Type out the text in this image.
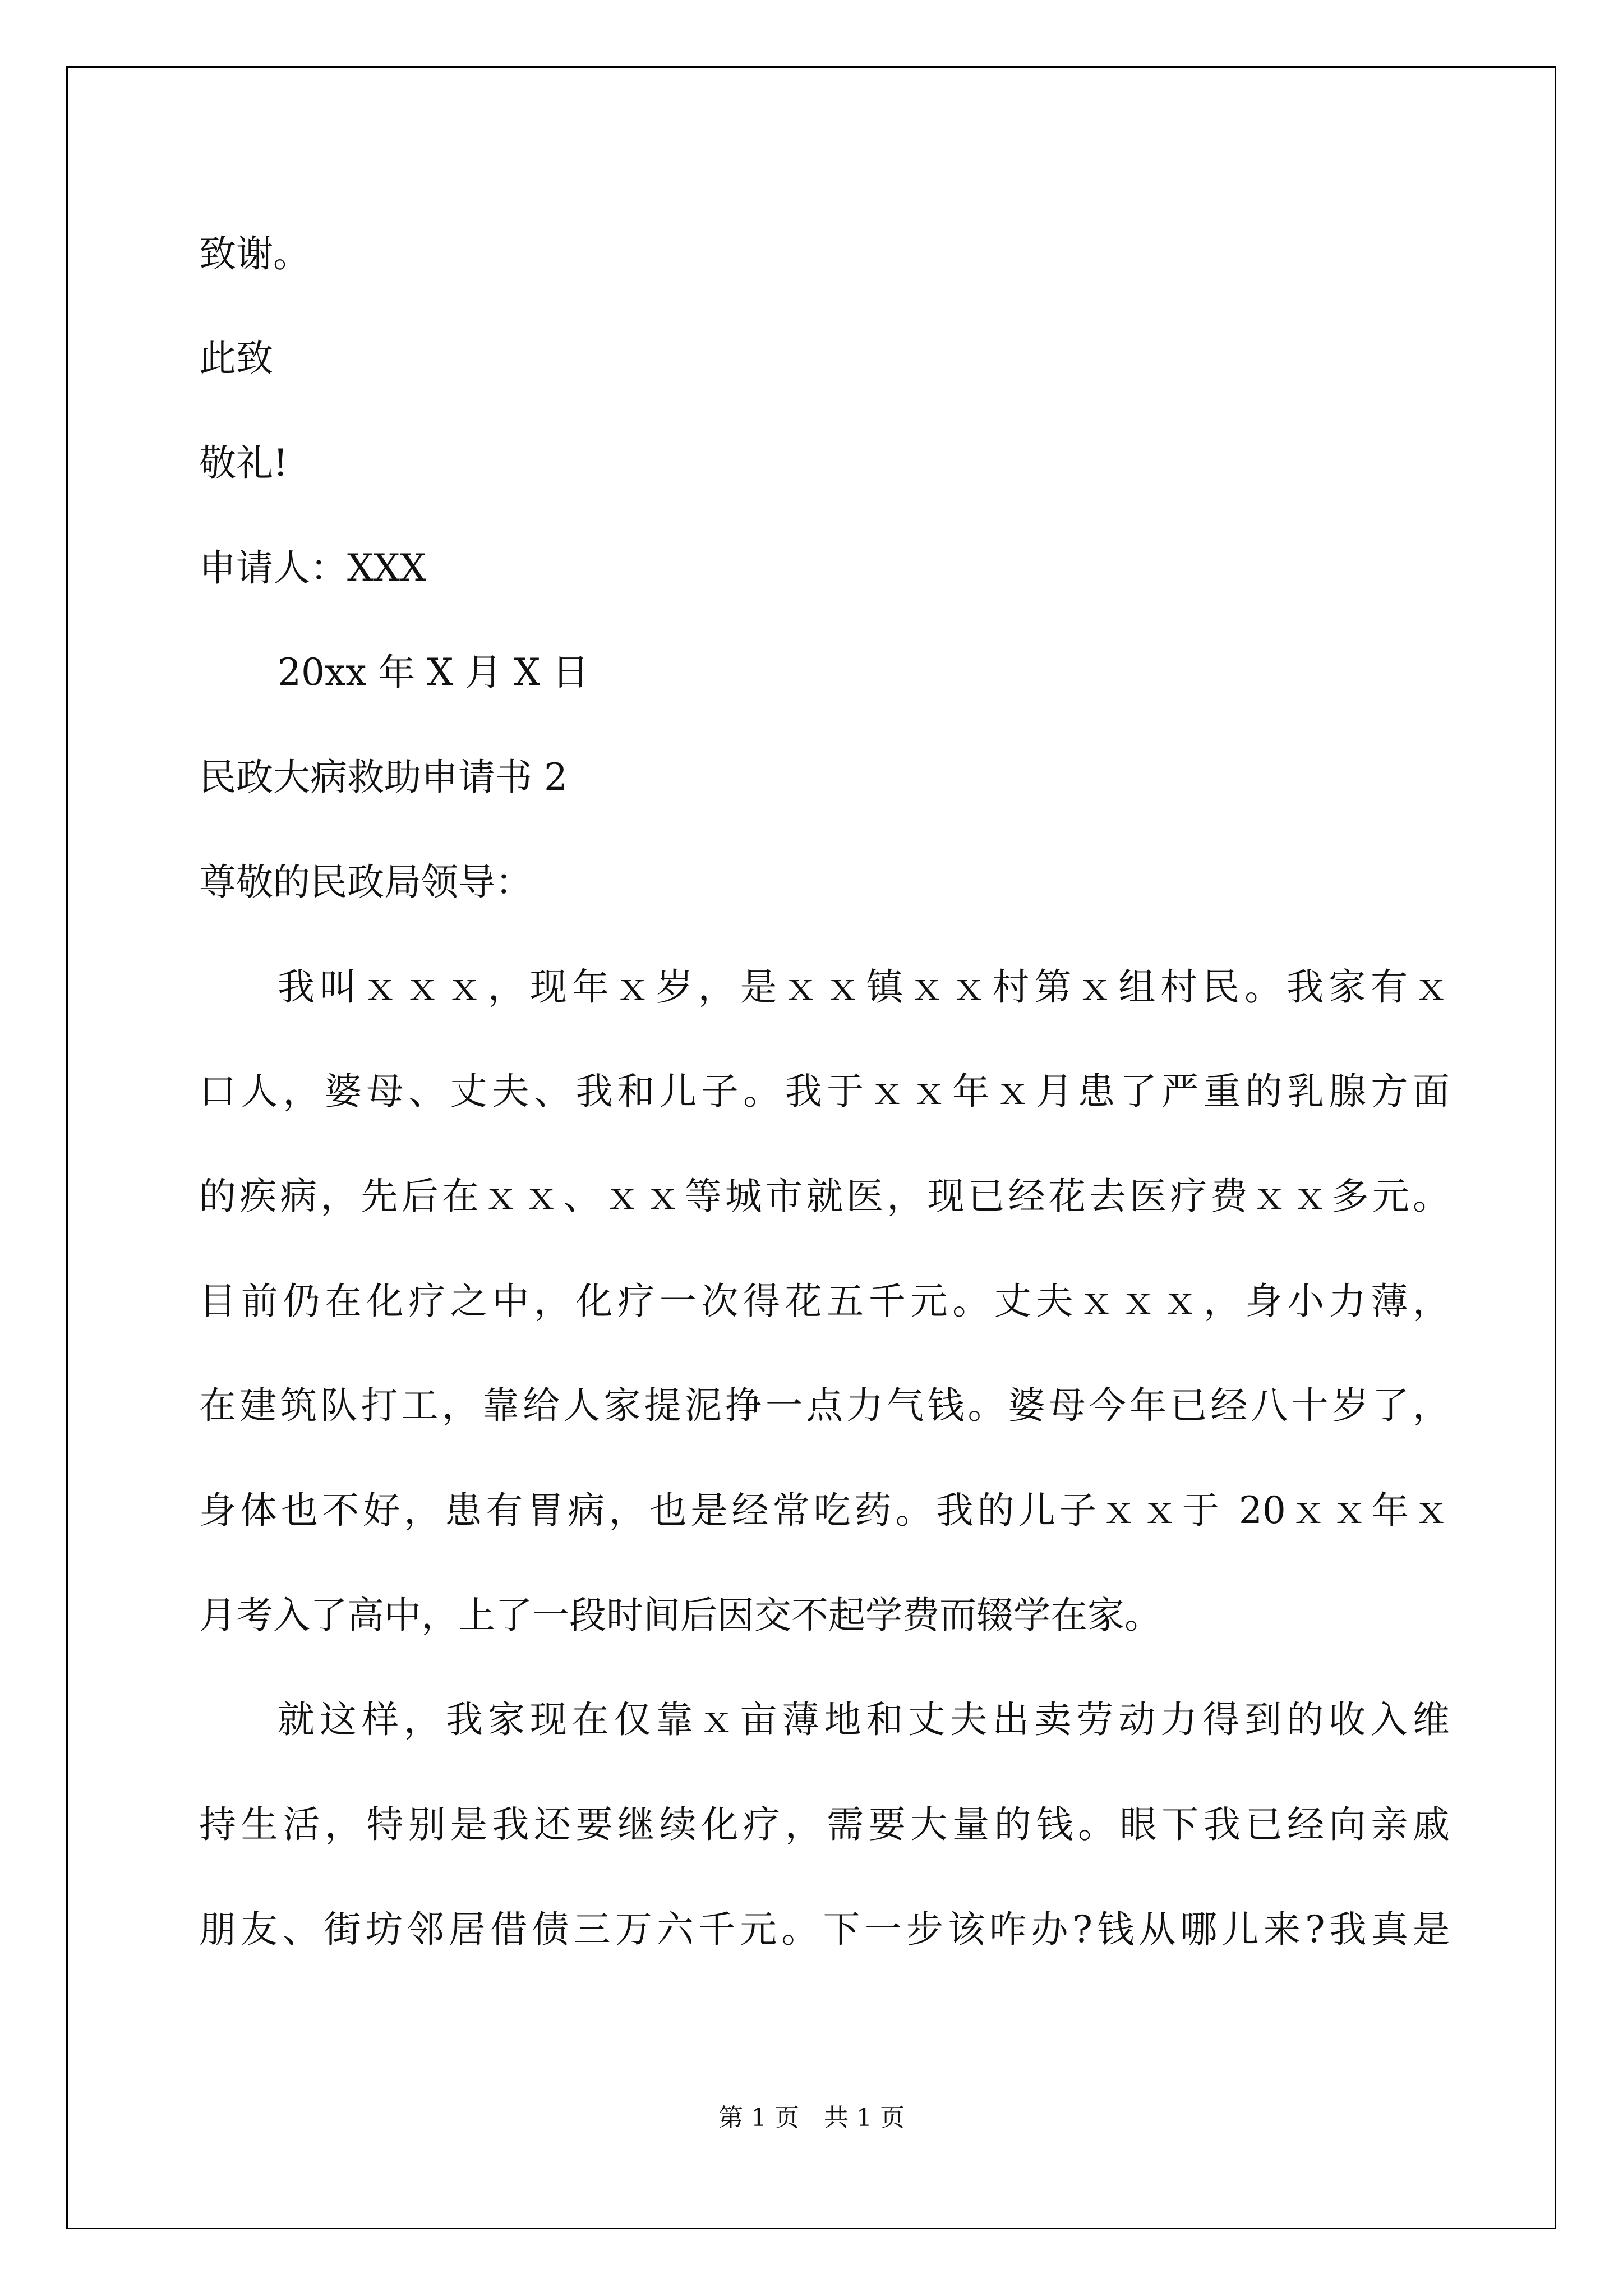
致谢。
此致
敬礼!
申请人：XXX
20xx 年 X 月 X 日
民政大病救助申请书 2
尊敬的民政局领导：
我叫ｘｘｘ，现年ｘ岁，是ｘｘ镇ｘｘ村第ｘ组村民。我家有ｘ
口人，婆母、丈夫、我和儿子。我于ｘｘ年ｘ月患了严重的乳腺方面
的疾病，先后在ｘｘ、ｘｘ等城市就医，现已经花去医疗费ｘｘ多元。
目前仍在化疗之中，化疗一次得花五千元。丈夫ｘｘｘ，身小力薄，
在建筑队打工，靠给人家提泥挣一点力气钱。婆母今年已经八十岁了，
身体也不好，患有胃病，也是经常吃药。我的儿子ｘｘ于 20ｘｘ年ｘ
月考入了高中，上了一段时间后因交不起学费而辍学在家。
就这样，我家现在仅靠ｘ亩薄地和丈夫出卖劳动力得到的收入维
持生活，特别是我还要继续化疗，需要大量的钱。眼下我已经向亲戚
朋友、街坊邻居借债三万六千元。下一步该咋办?钱从哪儿来?我真是
第 1 页　共 1 页
